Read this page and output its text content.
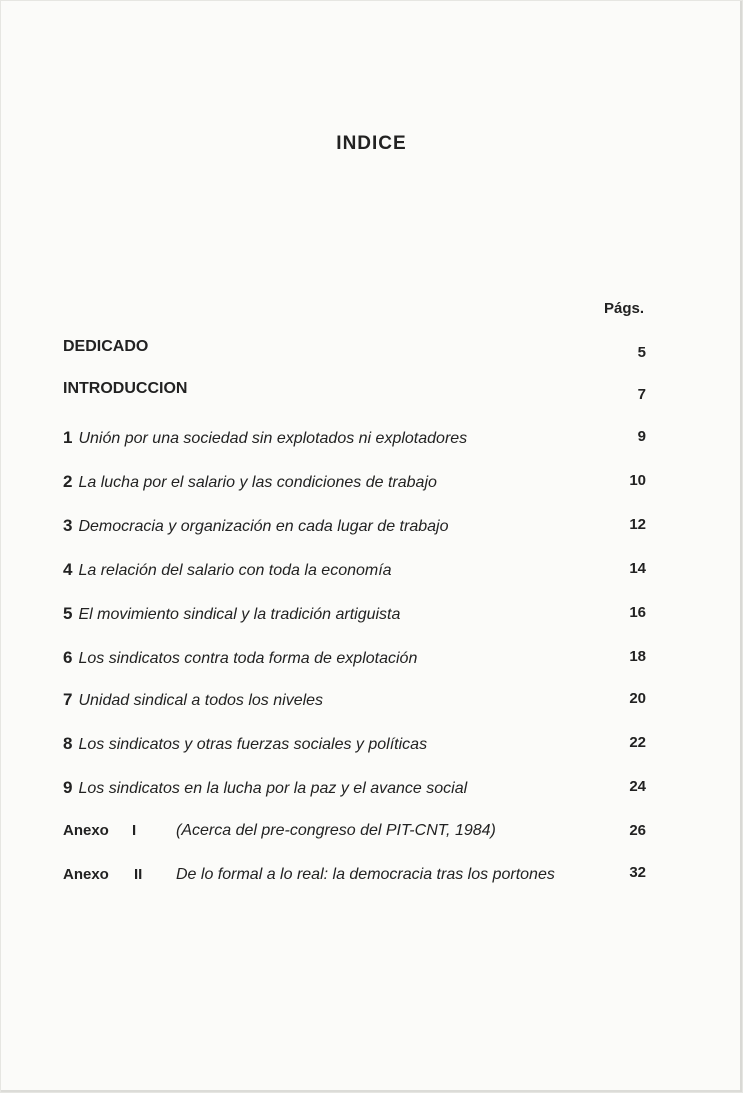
INDICE
Págs.
DEDICADO	5
INTRODUCCION	7
1 Unión por una sociedad sin explotados ni explotadores	9
2 La lucha por el salario y las condiciones de trabajo	10
3 Democracia y organización en cada lugar de trabajo	12
4 La relación del salario con toda la economía	14
5 El movimiento sindical y la tradición artiguista	16
6 Los sindicatos contra toda forma de explotación	18
7 Unidad sindical a todos los niveles	20
8 Los sindicatos y otras fuerzas sociales y políticas	22
9 Los sindicatos en la lucha por la paz y el avance social	24
Anexo I (Acerca del pre-congreso del PIT-CNT, 1984)	26
Anexo II De lo formal a lo real: la democracia tras los portones	32
